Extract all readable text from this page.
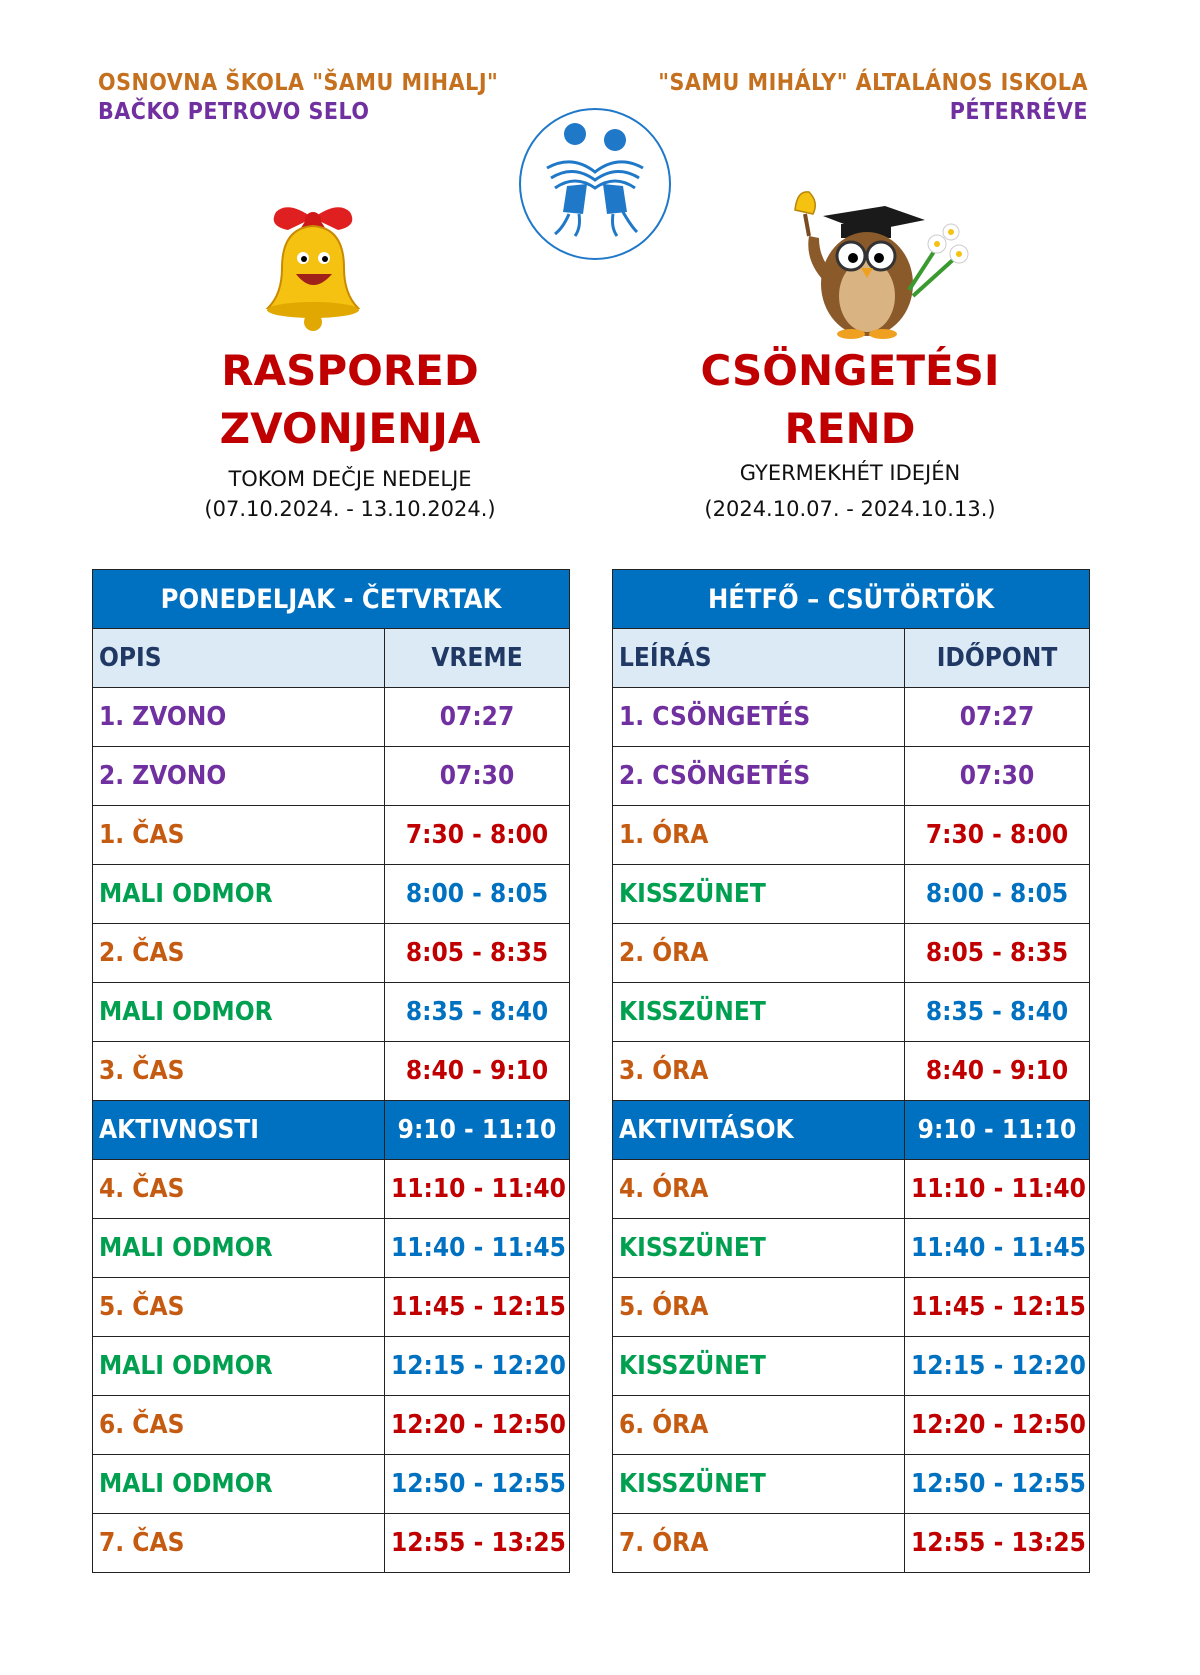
OSNOVNA ŠKOLA "ŠAMU MIHALJ"
BAČKO PETROVO SELO
"SAMU MIHÁLY" ÁLTALÁNOS ISKOLA
PÉTERRÉVE
RASPORED
ZVONJENJA
TOKOM DEČJE NEDELJE
(07.10.2024. - 13.10.2024.)
CSÖNGETÉSI
REND
GYERMEKHÉT IDEJÉN
(2024.10.07. - 2024.10.13.)
PONEDELJAK - ČETVRTAK	
OPIS	VREME
1. ZVONO	07:27
2. ZVONO	07:30
1. ČAS	7:30 - 8:00
MALI ODMOR	8:00 - 8:05
2. ČAS	8:05 - 8:35
MALI ODMOR	8:35 - 8:40
3. ČAS	8:40 - 9:10
AKTIVNOSTI	9:10 - 11:10
4. ČAS	11:10 - 11:40
MALI ODMOR	11:40 - 11:45
5. ČAS	11:45 - 12:15
MALI ODMOR	12:15 - 12:20
6. ČAS	12:20 - 12:50
MALI ODMOR	12:50 - 12:55
7. ČAS	12:55 - 13:25
HÉTFŐ – CSÜTÖRTÖK	
LEÍRÁS	IDŐPONT
1. CSÖNGETÉS	07:27
2. CSÖNGETÉS	07:30
1. ÓRA	7:30 - 8:00
KISSZÜNET	8:00 - 8:05
2. ÓRA	8:05 - 8:35
KISSZÜNET	8:35 - 8:40
3. ÓRA	8:40 - 9:10
AKTIVITÁSOK	9:10 - 11:10
4. ÓRA	11:10 - 11:40
KISSZÜNET	11:40 - 11:45
5. ÓRA	11:45 - 12:15
KISSZÜNET	12:15 - 12:20
6. ÓRA	12:20 - 12:50
KISSZÜNET	12:50 - 12:55
7. ÓRA	12:55 - 13:25
